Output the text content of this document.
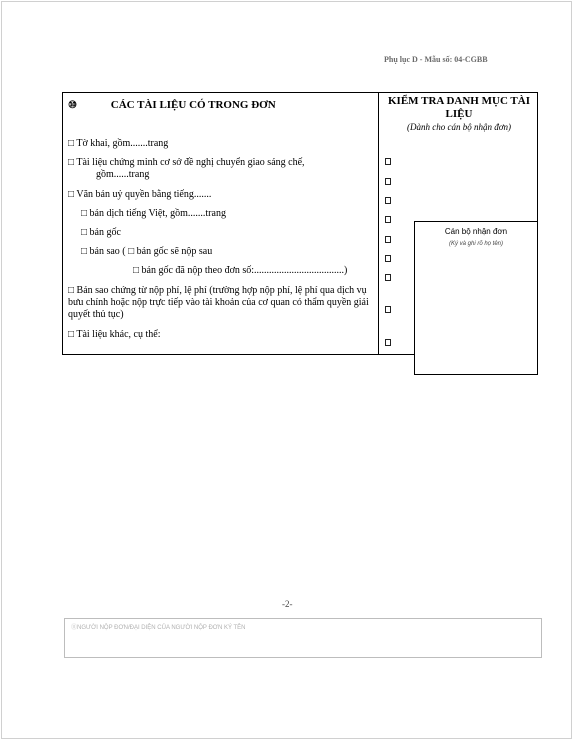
Phụ lục D - Mẫu số: 04-CGBB
⑩	CÁC TÀI LIỆU CÓ TRONG ĐƠN
□ Tờ khai, gồm.......trang
□ Tài liệu chứng minh cơ sở đề nghị chuyển giao sáng chế,
gồm......trang
□ Văn bản uỷ quyền bằng tiếng.......
□ bản dịch tiếng Việt, gồm.......trang
□ bản gốc
□ bản sao ( □ bản gốc sẽ nộp sau
□ bản gốc đã nộp theo đơn số:....................................)
□ Bản sao chứng từ nộp phí, lệ phí (trường hợp nộp phí, lệ phí qua dịch vụ bưu chính hoặc nộp trực tiếp vào tài khoản của cơ quan có thẩm quyền giải quyết thủ tục)
□ Tài liệu khác, cụ thể:
KIỂM TRA DANH MỤC TÀI LIỆU
(Dành cho cán bộ nhận đơn)
Cán bộ nhận đơn
(Ký và ghi rõ họ tên)
-2-
⑪NGƯỜI NỘP ĐƠN/ĐẠI DIỆN CỦA NGƯỜI NỘP ĐƠN KÝ TÊN
